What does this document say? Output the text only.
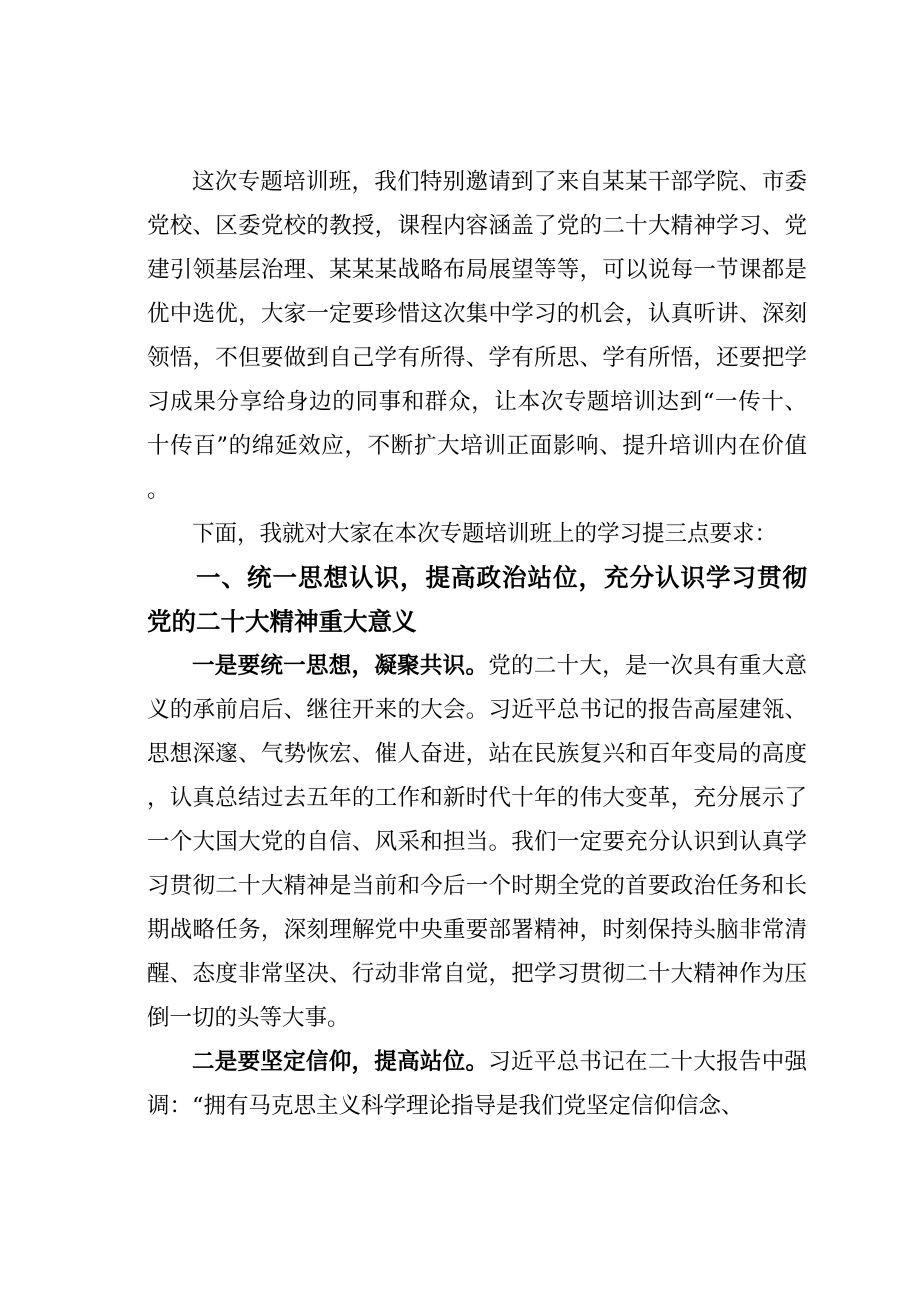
这次专题培训班，我们特别邀请到了来自某某干部学院、市委党校、区委党校的教授，课程内容涵盖了党的二十大精神学习、党建引领基层治理、某某某战略布局展望等等，可以说每一节课都是优中选优，大家一定要珍惜这次集中学习的机会，认真听讲、深刻领悟，不但要做到自己学有所得、学有所思、学有所悟，还要把学习成果分享给身边的同事和群众，让本次专题培训达到“一传十、十传百”的绵延效应，不断扩大培训正面影响、提升培训内在价值。

下面，我就对大家在本次专题培训班上的学习提三点要求：

一、统一思想认识，提高政治站位，充分认识学习贯彻党的二十大精神重大意义

一是要统一思想，凝聚共识。党的二十大，是一次具有重大意义的承前启后、继往开来的大会。习近平总书记的报告高屋建瓴、思想深邃、气势恢宏、催人奋进，站在民族复兴和百年变局的高度，认真总结过去五年的工作和新时代十年的伟大变革，充分展示了一个大国大党的自信、风采和担当。我们一定要充分认识到认真学习贯彻二十大精神是当前和今后一个时期全党的首要政治任务和长期战略任务，深刻理解党中央重要部署精神，时刻保持头脑非常清醒、态度非常坚决、行动非常自觉，把学习贯彻二十大精神作为压倒一切的头等大事。

二是要坚定信仰，提高站位。习近平总书记在二十大报告中强调：“拥有马克思主义科学理论指导是我们党坚定信仰信念、
